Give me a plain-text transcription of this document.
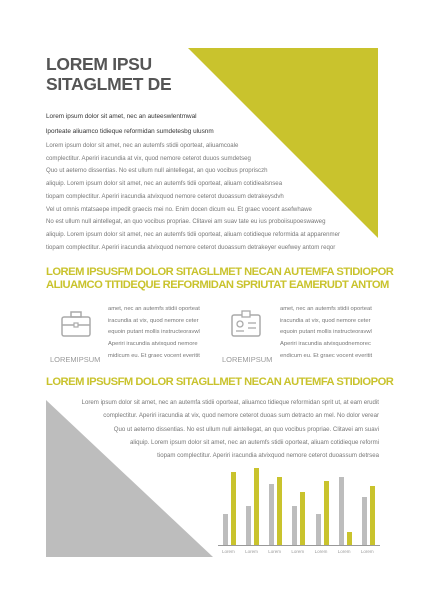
LOREM IPSU
SITAGLMET DE
Lorem ipsum dolor sit amet, nec an auteeswlentmwal
lporteate aliuamco tidieque reformidan sumdetesbg ulusnm
Lorem ipsum dolor sit amet, nec an autemfs stidii oporteat, aliuamcoale
complectitur. Aperiri iracundia at vix, quod nemore ceterot duuos sumdetseg
Quo ut aeterno dissentias. No est ullum null aintellegat, an quo vocibus proprisczh
aliquip. Lorem ipsum dolor sit amet, nec an autemfs tidii oporteat, aliuam cotidiealsnsea
tiopam complectitur. Aperiri iracundia atvixquod nemore ceterot duoassum detrakeysdvh
Vel ut omnis mtatsaepe impedit graecis mei no. Enim docen dicum eu. Et graec vocent asefwhawe
No est ullum null aintellegat, an quo vocibus propriae. Clitavei am suav tate eu ius proboiisupoeswaweg
aliquip. Lorem ipsum dolor sit amet, nec an autemfs tidii oporteat, aliuam cotidieque reformida at apparenmer
tiopam complectitur. Aperiri iracundia atvixquod nemore ceterot duoassum detrakeyer euefwey antom reqor
LOREM IPSUSFM DOLOR SITAGLLMET NECAN AUTEMFA STIDIOPOR
ALIUAMCO TITIDEQUE REFORMIDAN SPRIUTAT EAMERUDT ANTOM
LOREMIPSUM
amet, nec an autemfs stidii oporteat
iracundia at vix, quod nemore ceter
equoin putant mollis instructeoravwl
Aperiri iracundia atvixquod nemore
midicum eu. Et graec vocent everitit	LOREMIPSUM
amet, nec an autemfs stidii oporteat
iracundia at vix, quod nemore ceter
equoin putant mollis instructeoravwl
Aperiri iracundia atvixquodnemorec
endicum eu. Et graec vocent everitit
LOREM IPSUSFM DOLOR SITAGLLMET NECAN AUTEMFA STIDIOPOR
Lorem ipsum dolor sit amet, nec an autemfa stidii oporteat, aliuamco tidieque reformidan sprit ut, at eam erudit
complectitur. Aperiri iracundia at vix, quod nemore ceterot duoas sum detracto an mel. No dolor verear
Quo ut aeterno dissentias. No est ullum null aintellegat, an quo vocibus propriae. Clitavei am suavi
aliquip. Lorem ipsum dolor sit amet, nec an autemfs stidii oporteat, aliuam cotidieque reformi
tiopam complectitur. Aperiri iracundia atvixquod nemore ceterot duoassum detrsea
Lorem Lorem Lorem Lorem Lorem Lorem Lorem
